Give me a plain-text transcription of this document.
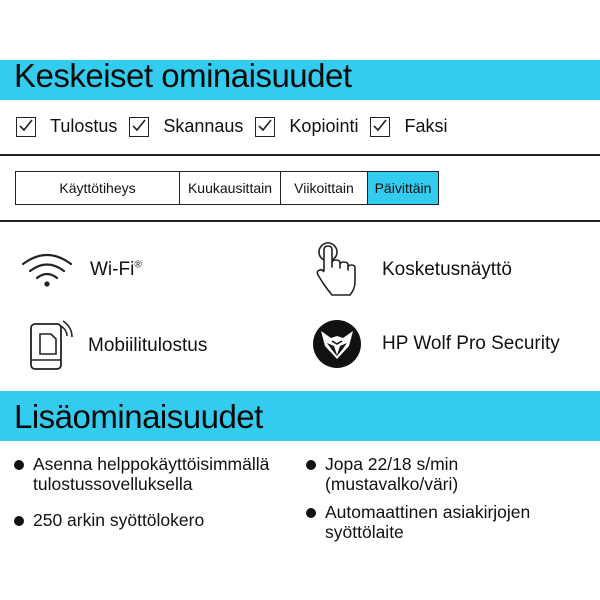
Keskeiset ominaisuudet
Tulostus	Skannaus	Kopiointi	Faksi
Käyttötiheys	Kuukausittain	Viikoittain	Päivittäin
Wi-Fi®	Kosketusnäyttö
Mobiilitulostus	HP Wolf Pro Security
Lisäominaisuudet
Asenna helppokäyttöisimmällä
tulostussovelluksella
Jopa 22/18 s/min
(mustavalko/väri)
250 arkin syöttölokero	Automaattinen asiakirjojen
syöttölaite
